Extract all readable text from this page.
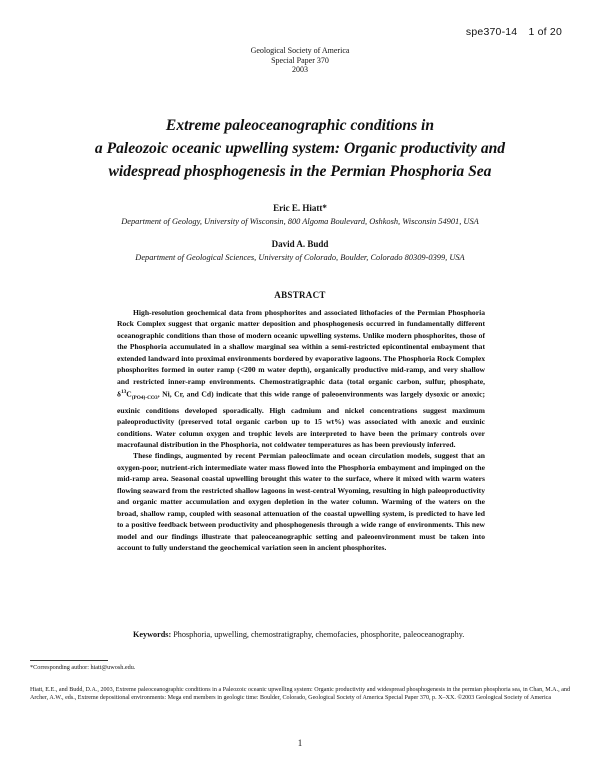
spe370-14 1 of 20
Geological Society of America
Special Paper 370
2003
Extreme paleoceanographic conditions in
a Paleozoic oceanic upwelling system: Organic productivity and
widespread phosphogenesis in the Permian Phosphoria Sea
Eric E. Hiatt*
Department of Geology, University of Wisconsin, 800 Algoma Boulevard, Oshkosh, Wisconsin 54901, USA
David A. Budd
Department of Geological Sciences, University of Colorado, Boulder, Colorado 80309-0399, USA
ABSTRACT

High-resolution geochemical data from phosphorites and associated lithofacies of the Permian Phosphoria Rock Complex suggest that organic matter deposition and phosphogenesis occurred in fundamentally different oceanographic conditions than those of modern oceanic upwelling systems. Unlike modern phosphorites, those of the Phosphoria accumulated in a shallow marginal sea within a semi-restricted epicontinental embayment that extended landward into proximal environments bordered by evaporative lagoons. The Phosphoria Rock Complex phosphorites formed in outer ramp (<200 m water depth), organically productive mid-ramp, and very shallow and restricted inner-ramp environments. Chemostratigraphic data (total organic carbon, sulfur, phosphate, $\delta^{13}C_{(PO4)-CO3}$, Ni, Cr, and Cd) indicate that this wide range of paleoenvironments was largely dysoxic or anoxic; euxinic conditions developed sporadically. High cadmium and nickel concentrations suggest maximum paleoproductivity (preserved total organic carbon up to 15 wt%) was associated with anoxic and euxinic conditions. Water column oxygen and trophic levels are interpreted to have been the primary controls over macrofaunal distribution in the Phosphoria, not coldwater temperatures as has been previously inferred.

These findings, augmented by recent Permian paleoclimate and ocean circulation models, suggest that an oxygen-poor, nutrient-rich intermediate water mass flowed into the Phosphoria embayment and impinged on the mid-ramp area. Seasonal coastal upwelling brought this water to the surface, where it mixed with warm waters flowing seaward from the restricted shallow lagoons in west-central Wyoming, resulting in high paleoproductivity and organic matter accumulation and oxygen depletion in the water column. Warming of the waters on the broad, shallow ramp, coupled with seasonal attenuation of the coastal upwelling system, is predicted to have led to a positive feedback between productivity and phosphogenesis through a wide range of environments. This new model and our findings illustrate that paleoceanographic setting and paleoenvironment must be taken into account to fully understand the geochemical variation seen in ancient phosphorites.

Keywords: Phosphoria, upwelling, chemostratigraphy, chemofacies, phosphorite, paleoceanography.
*Corresponding author: hiatt@uwosh.edu.
Hiatt, E.E., and Budd, D.A., 2003, Extreme paleoceanographic conditions in a Paleozoic oceanic upwelling system: Organic productivity and widespread phosphogenesis in the permian phosphoria sea, in Chan, M.A., and Archer, A.W., eds., Extreme depositional environments: Mega end members in geologic time: Boulder, Colorado, Geological Society of America Special Paper 370, p. X–XX. ©2003 Geological Society of America
1
